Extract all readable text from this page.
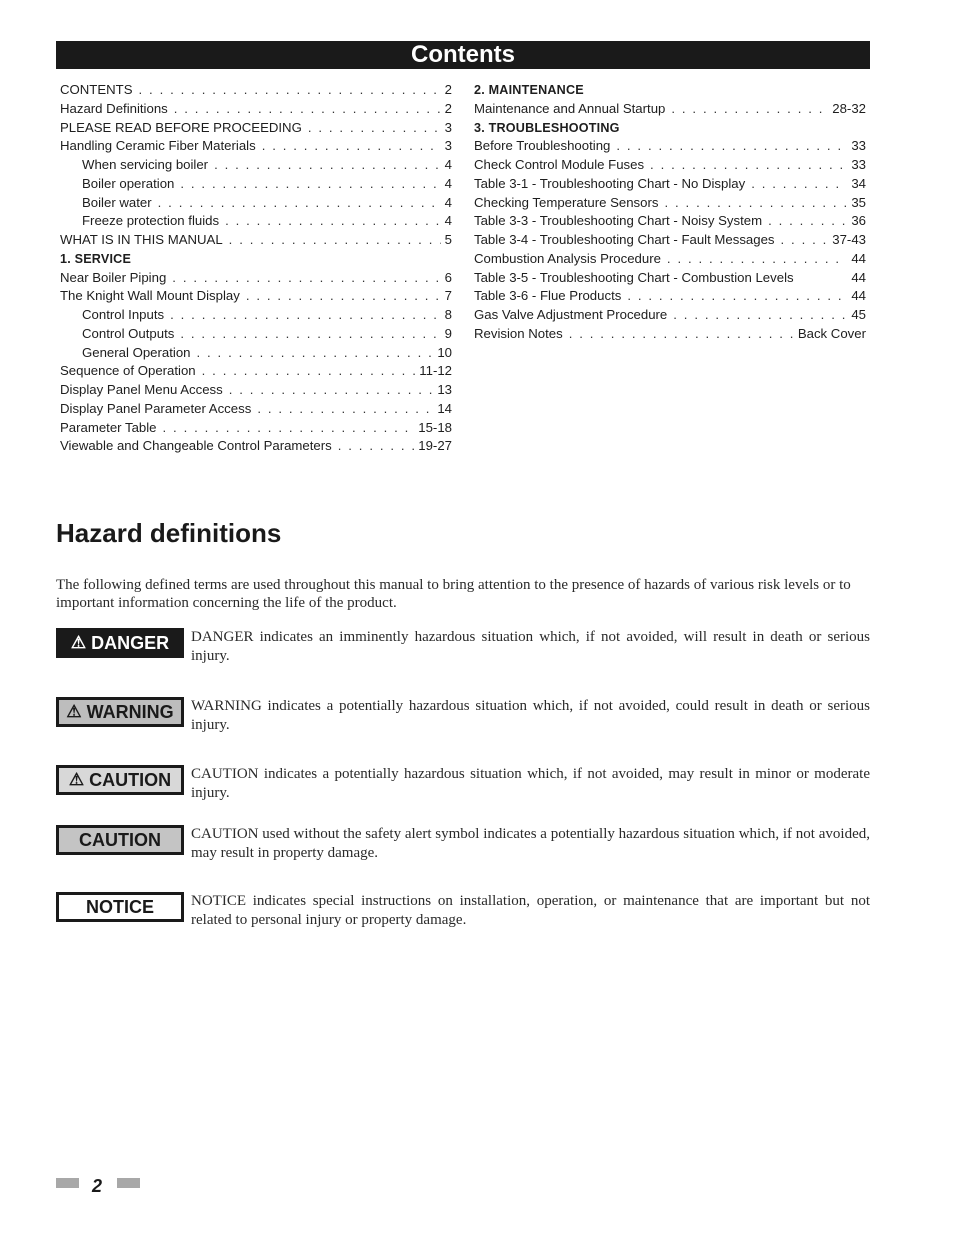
Contents
CONTENTS . . .	2
Hazard Definitions . . .	2
PLEASE READ BEFORE PROCEEDING . . .	3
Handling Ceramic Fiber Materials . . .	3
When servicing boiler . . .	4
Boiler operation . . .	4
Boiler water . . .	4
Freeze protection fluids . . .	4
WHAT IS IN THIS MANUAL . . .	5
1. SERVICE
Near Boiler Piping . . .	6
The Knight Wall Mount Display . . .	7
Control Inputs . . .	8
Control Outputs . . .	9
General Operation . . .	10
Sequence of Operation . . .	11-12
Display Panel Menu Access . . .	13
Display Panel Parameter Access . . .	14
Parameter Table . . .	15-18
Viewable and Changeable Control Parameters . . .	19-27
2. MAINTENANCE
Maintenance and Annual Startup . . .	28-32
3. TROUBLESHOOTING
Before Troubleshooting . . .	33
Check Control Module Fuses . . .	33
Table 3-1 - Troubleshooting Chart - No Display . . .	34
Checking Temperature Sensors . . .	35
Table 3-3 - Troubleshooting Chart - Noisy System . . .	36
Table 3-4 - Troubleshooting Chart - Fault Messages . . .	37-43
Combustion Analysis Procedure . . .	44
Table 3-5 - Troubleshooting Chart - Combustion Levels	44
Table 3-6 - Flue Products . . .	44
Gas Valve Adjustment Procedure . . .	45
Revision Notes . . .	Back Cover
Hazard definitions

The following defined terms are used throughout this manual to bring attention to the presence of hazards of various risk levels or to important information concerning the life of the product.

⚠ DANGER DANGER indicates an imminently hazardous situation which, if not avoided, will result in death or serious injury.

⚠ WARNING WARNING indicates a potentially hazardous situation which, if not avoided, could result in death or serious injury.

⚠ CAUTION CAUTION indicates a potentially hazardous situation which, if not avoided, may result in minor or moderate injury.

CAUTION CAUTION used without the safety alert symbol indicates a potentially hazardous situation which, if not avoided, may result in property damage.

NOTICE NOTICE indicates special instructions on installation, operation, or maintenance that are important but not related to personal injury or property damage.

2
